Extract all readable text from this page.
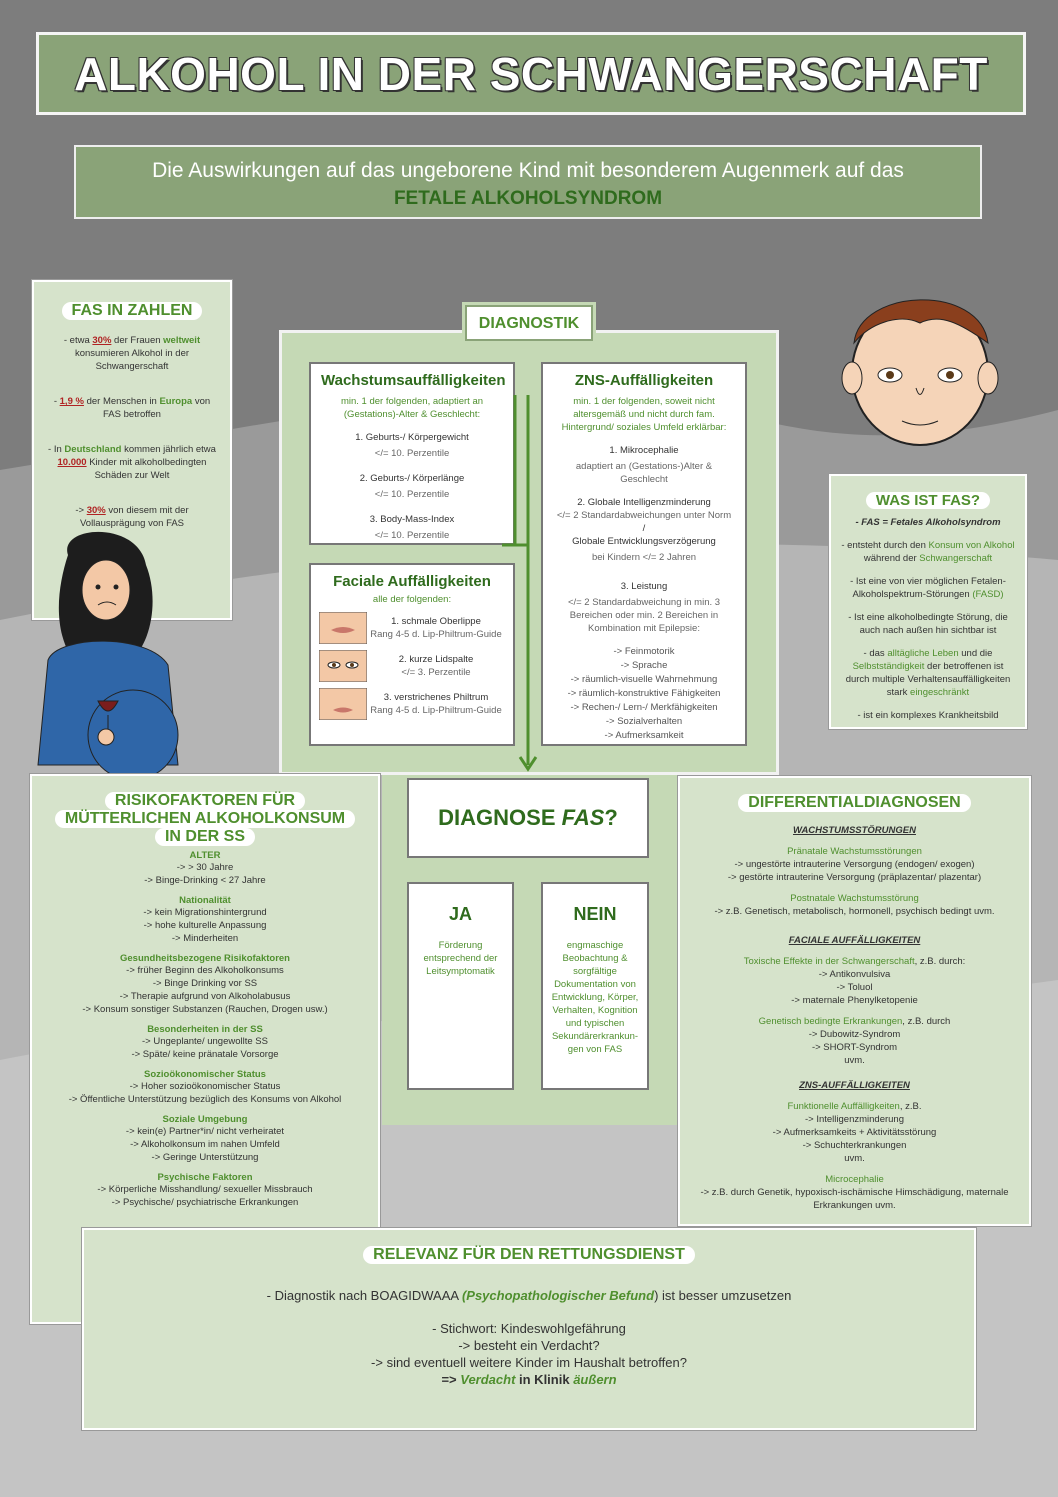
ALKOHOL IN DER SCHWANGERSCHAFT
Die Auswirkungen auf das ungeborene Kind mit besonderem Augenmerk auf das
FETALE ALKOHOLSYNDROM
FAS IN ZAHLEN
- etwa 30% der Frauen weltweit konsumieren Alkohol in der Schwangerschaft
- 1,9 % der Menschen in Europa von FAS betroffen
- In Deutschland kommen jährlich etwa 10.000 Kinder mit alkoholbedingten Schäden zur Welt
-> 30% von diesem mit der Vollausprägung von FAS
DIAGNOSTIK
Wachstumsauffälligkeiten
min. 1 der folgenden, adaptiert an (Gestations)-Alter & Geschlecht:
1. Geburts-/ Körpergewicht
</= 10. Perzentile
2. Geburts-/ Körperlänge
</= 10. Perzentile
3. Body-Mass-Index
</= 10. Perzentile
Faciale Auffälligkeiten
alle der folgenden:
1. schmale Oberlippe
Rang 4-5 d. Lip-Philtrum-Guide
2. kurze Lidspalte
</= 3. Perzentile
3. verstrichenes Philtrum
Rang 4-5 d. Lip-Philtrum-Guide
ZNS-Auffälligkeiten
min. 1 der folgenden, soweit nicht altersgemäß und nicht durch fam. Hintergrund/ soziales Umfeld erklärbar:
1. Mikrocephalie
adaptiert an (Gestations-)Alter & Geschlecht
2. Globale Intelligenzminderung
</= 2 Standardabweichungen unter Norm
/
Globale Entwicklungsverzögerung
bei Kindern </= 2 Jahren
3. Leistung
</= 2 Standardabweichung in min. 3 Bereichen oder min. 2 Bereichen in Kombination mit Epilepsie:
-> Feinmotorik
-> Sprache
-> räumlich-visuelle Wahrnehmung
-> räumlich-konstruktive Fähigkeiten
-> Rechen-/ Lern-/ Merkfähigkeiten
-> Sozialverhalten
-> Aufmerksamkeit
DIAGNOSE FAS?
JA
Förderung entsprechend der Leitsymptomatik
NEIN
engmaschige Beobachtung & sorgfältige Dokumentation von Entwicklung, Körper, Verhalten, Kognition und typischen Sekundärerkrankungen von FAS
WAS IST FAS?
- FAS = Fetales Alkoholsyndrom
- entsteht durch den Konsum von Alkohol während der Schwangerschaft
- Ist eine von vier möglichen Fetalen-Alkoholspektrum-Störungen (FASD)
- Ist eine alkoholbedingte Störung, die auch nach außen hin sichtbar ist
- das alltägliche Leben und die Selbstständigkeit der betroffenen ist durch multiple Verhaltensauffälligkeiten stark eingeschränkt
- ist ein komplexes Krankheitsbild
RISIKOFAKTOREN FÜR
MÜTTERLICHEN ALKOHOLKONSUM
IN DER SS
ALTER
-> > 30 Jahre
-> Binge-Drinking < 27 Jahre
Nationalität
-> kein Migrationshintergrund
-> hohe kulturelle Anpassung
-> Minderheiten
Gesundheitsbezogene Risikofaktoren
-> früher Beginn des Alkoholkonsums
-> Binge Drinking vor SS
-> Therapie aufgrund von Alkoholabusus
-> Konsum sonstiger Substanzen (Rauchen, Drogen usw.)
Besonderheiten in der SS
-> Ungeplante/ ungewollte SS
-> Späte/ keine pränatale Vorsorge
Sozioökonomischer Status
-> Hoher sozioökonomischer Status
-> Öffentliche Unterstützung bezüglich des Konsums von Alkohol
Soziale Umgebung
-> kein(e) Partner*in/ nicht verheiratet
-> Alkoholkonsum im nahen Umfeld
-> Geringe Unterstützung
Psychische Faktoren
-> Körperliche Misshandlung/ sexueller Missbrauch
-> Psychische/ psychiatrische Erkrankungen
DIFFERENTIALDIAGNOSEN
WACHSTUMSSTÖRUNGEN
Pränatale Wachstumsstörungen
-> ungestörte intrauterine Versorgung (endogen/ exogen)
-> gestörte intrauterine Versorgung (präplazentar/ plazentar)
Postnatale Wachstumsstörung
-> z.B. Genetisch, metabolisch, hormonell, psychisch bedingt uvm.
FACIALE AUFFÄLLIGKEITEN
Toxische Effekte in der Schwangerschaft, z.B. durch:
-> Antikonvulsiva
-> Toluol
-> maternale Phenylketopenie
Genetisch bedingte Erkrankungen, z.B. durch
-> Dubowitz-Syndrom
-> SHORT-Syndrom
uvm.
ZNS-AUFFÄLLIGKEITEN
Funktionelle Auffälligkeiten, z.B.
-> Intelligenzminderung
-> Aufmerksamkeits + Aktivitätsstörung
-> Schuchterkrankungen
uvm.
Microcephalie
-> z.B. durch Genetik, hypoxisch-ischämische Himschädigung, maternale Erkrankungen uvm.
RELEVANZ FÜR DEN RETTUNGSDIENST
- Diagnostik nach BOAGIDWAAA (Psychopathologischer Befund) ist besser umzusetzen
- Stichwort: Kindeswohlgefährung
-> besteht ein Verdacht?
-> sind eventuell weitere Kinder im Haushalt betroffen?
=> Verdacht in Klinik äußern
